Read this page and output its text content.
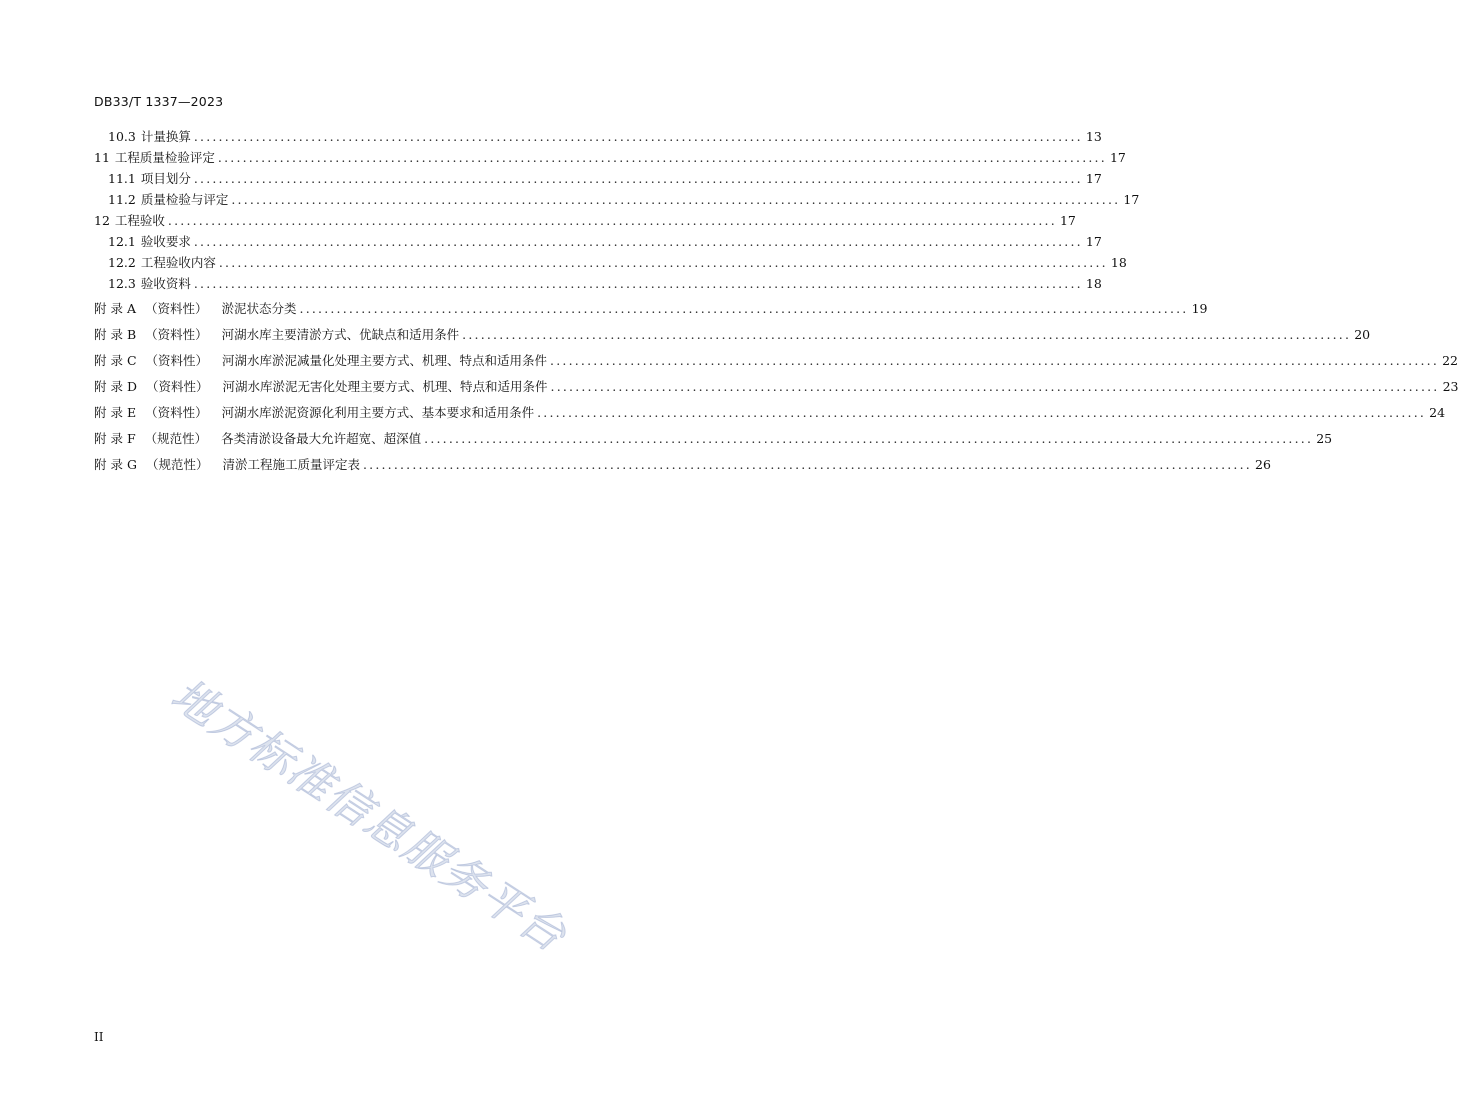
DB33/T 1337—2023
10.3 计量换算 ................................................................................................................................................ 13
11 工程质量检验评定 ................................................................................................................................................ 17
11.1 项目划分 ................................................................................................................................................ 17
11.2 质量检验与评定 ................................................................................................................................................ 17
12 工程验收 ................................................................................................................................................ 17
12.1 验收要求 ................................................................................................................................................ 17
12.2 工程验收内容 ................................................................................................................................................ 18
12.3 验收资料 ................................................................................................................................................ 18
附 录 A （资料性）	淤泥状态分类 ................................................................................................................................................ 19
附 录 B （资料性）	河湖水库主要清淤方式、优缺点和适用条件 ................................................................................................................................................ 20
附 录 C （资料性）	河湖水库淤泥减量化处理主要方式、机理、特点和适用条件 ................................................................................................................................................ 22
附 录 D （资料性）	河湖水库淤泥无害化处理主要方式、机理、特点和适用条件 ................................................................................................................................................ 23
附 录 E （资料性）	河湖水库淤泥资源化利用主要方式、基本要求和适用条件 ................................................................................................................................................ 24
附 录 F （规范性）	各类清淤设备最大允许超宽、超深值 ................................................................................................................................................ 25
附 录 G （规范性）	清淤工程施工质量评定表 ................................................................................................................................................ 26
地方标准信息服务平台
II
